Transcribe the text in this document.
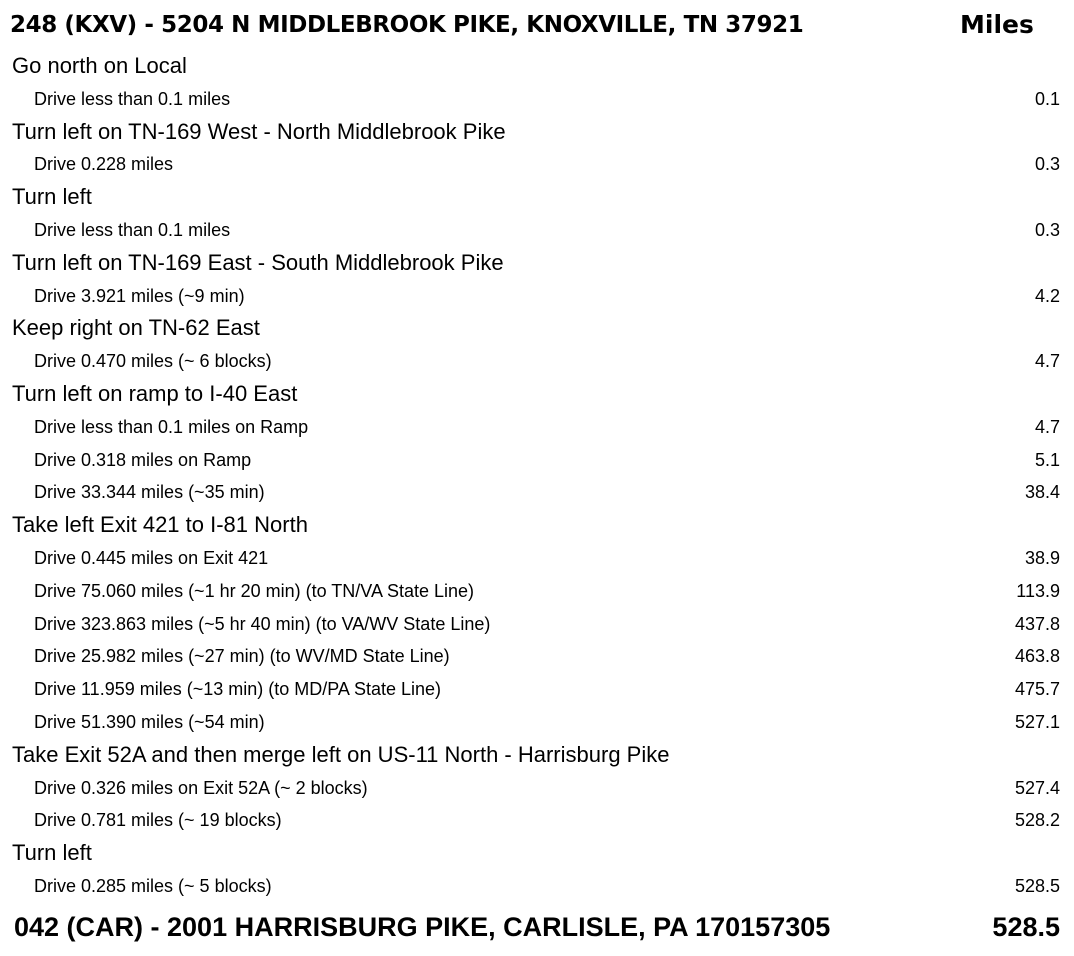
248 (KXV) - 5204 N MIDDLEBROOK PIKE, KNOXVILLE, TN 37921	Miles
Go north on Local
Drive less than 0.1 miles	0.1
Turn left on TN-169 West - North Middlebrook Pike
Drive 0.228 miles	0.3
Turn left
Drive less than 0.1 miles	0.3
Turn left on TN-169 East - South Middlebrook Pike
Drive 3.921 miles (~9 min)	4.2
Keep right on TN-62 East
Drive 0.470 miles (~ 6 blocks)	4.7
Turn left on ramp to I-40 East
Drive less than 0.1 miles on Ramp	4.7
Drive 0.318 miles on Ramp	5.1
Drive 33.344 miles (~35 min)	38.4
Take left Exit 421 to I-81 North
Drive 0.445 miles on Exit 421	38.9
Drive 75.060 miles (~1 hr 20 min) (to TN/VA State Line)	113.9
Drive 323.863 miles (~5 hr 40 min) (to VA/WV State Line)	437.8
Drive 25.982 miles (~27 min) (to WV/MD State Line)	463.8
Drive 11.959 miles (~13 min) (to MD/PA State Line)	475.7
Drive 51.390 miles (~54 min)	527.1
Take Exit 52A and then merge left on US-11 North - Harrisburg Pike
Drive 0.326 miles on Exit 52A (~ 2 blocks)	527.4
Drive 0.781 miles (~ 19 blocks)	528.2
Turn left
Drive 0.285 miles (~ 5 blocks)	528.5
042 (CAR) - 2001 HARRISBURG PIKE, CARLISLE, PA 170157305	528.5
